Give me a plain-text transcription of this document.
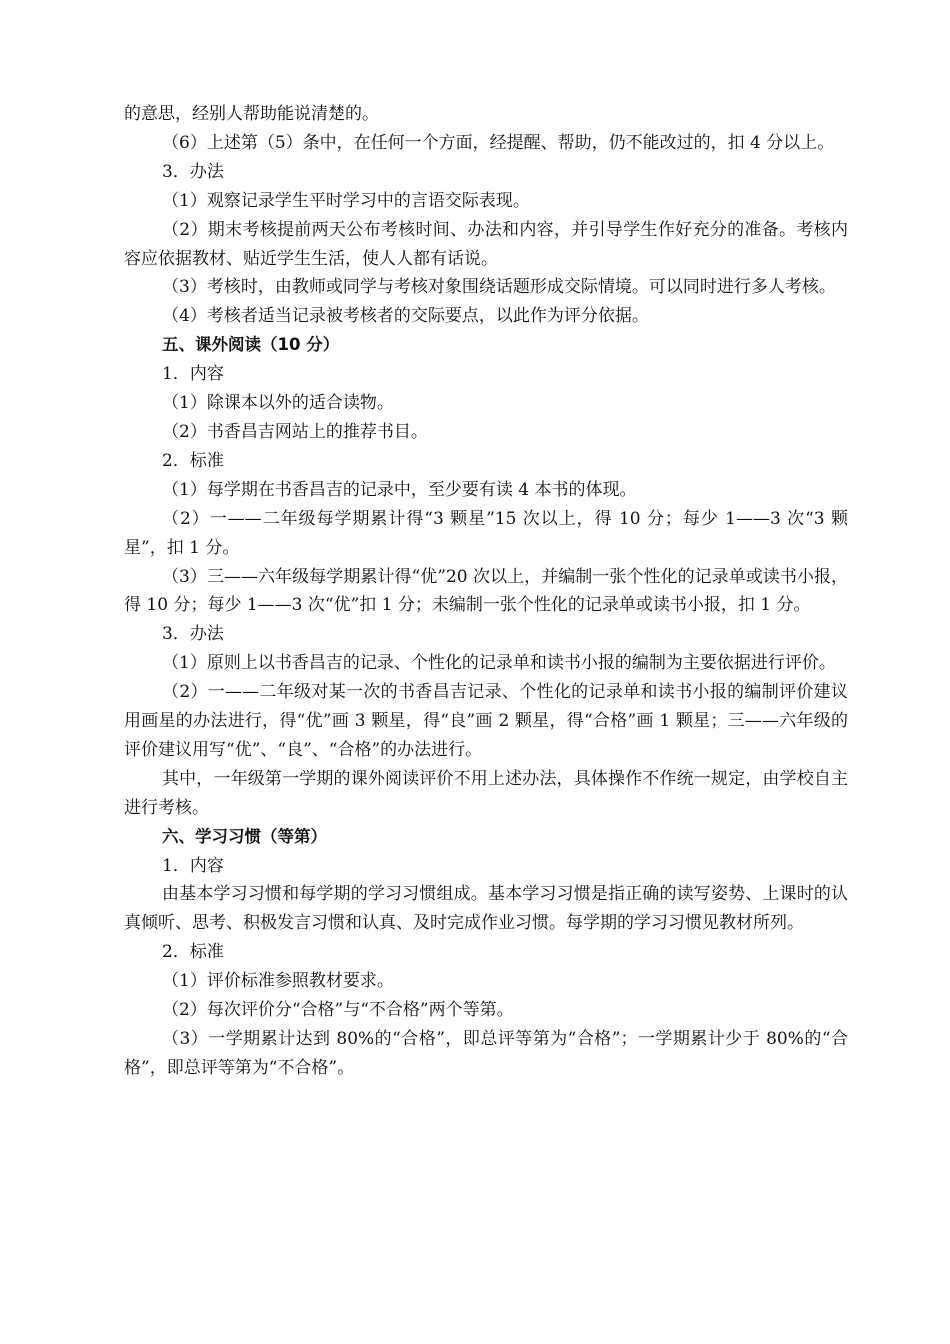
的意思，经别人帮助能说清楚的。

（6）上述第（5）条中，在任何一个方面，经提醒、帮助，仍不能改过的，扣 4 分以上。

3．办法

（1）观察记录学生平时学习中的言语交际表现。

（2）期末考核提前两天公布考核时间、办法和内容，并引导学生作好充分的准备。考核内容应依据教材、贴近学生生活，使人人都有话说。

（3）考核时，由教师或同学与考核对象围绕话题形成交际情境。可以同时进行多人考核。

（4）考核者适当记录被考核者的交际要点，以此作为评分依据。

五、课外阅读（10 分）

1．内容

（1）除课本以外的适合读物。

（2）书香昌吉网站上的推荐书目。

2．标准

（1）每学期在书香昌吉的记录中，至少要有读 4 本书的体现。

（2）一——二年级每学期累计得“3 颗星”15 次以上，得 10 分；每少 1——3 次“3 颗星”，扣 1 分。

（3）三——六年级每学期累计得“优”20 次以上，并编制一张个性化的记录单或读书小报，得 10 分；每少 1——3 次“优”扣 1 分；未编制一张个性化的记录单或读书小报，扣 1 分。

3．办法

（1）原则上以书香昌吉的记录、个性化的记录单和读书小报的编制为主要依据进行评价。

（2）一——二年级对某一次的书香昌吉记录、个性化的记录单和读书小报的编制评价建议用画星的办法进行，得“优”画 3 颗星，得“良”画 2 颗星，得“合格”画 1 颗星；三——六年级的评价建议用写“优”、“良”、“合格”的办法进行。

其中，一年级第一学期的课外阅读评价不用上述办法，具体操作不作统一规定，由学校自主进行考核。

六、学习习惯（等第）

1．内容

由基本学习习惯和每学期的学习习惯组成。基本学习习惯是指正确的读写姿势、上课时的认真倾听、思考、积极发言习惯和认真、及时完成作业习惯。每学期的学习习惯见教材所列。

2．标准

（1）评价标准参照教材要求。

（2）每次评价分“合格”与“不合格”两个等第。

（3）一学期累计达到 80%的“合格”，即总评等第为“合格”；一学期累计少于 80%的“合格”，即总评等第为“不合格”。
